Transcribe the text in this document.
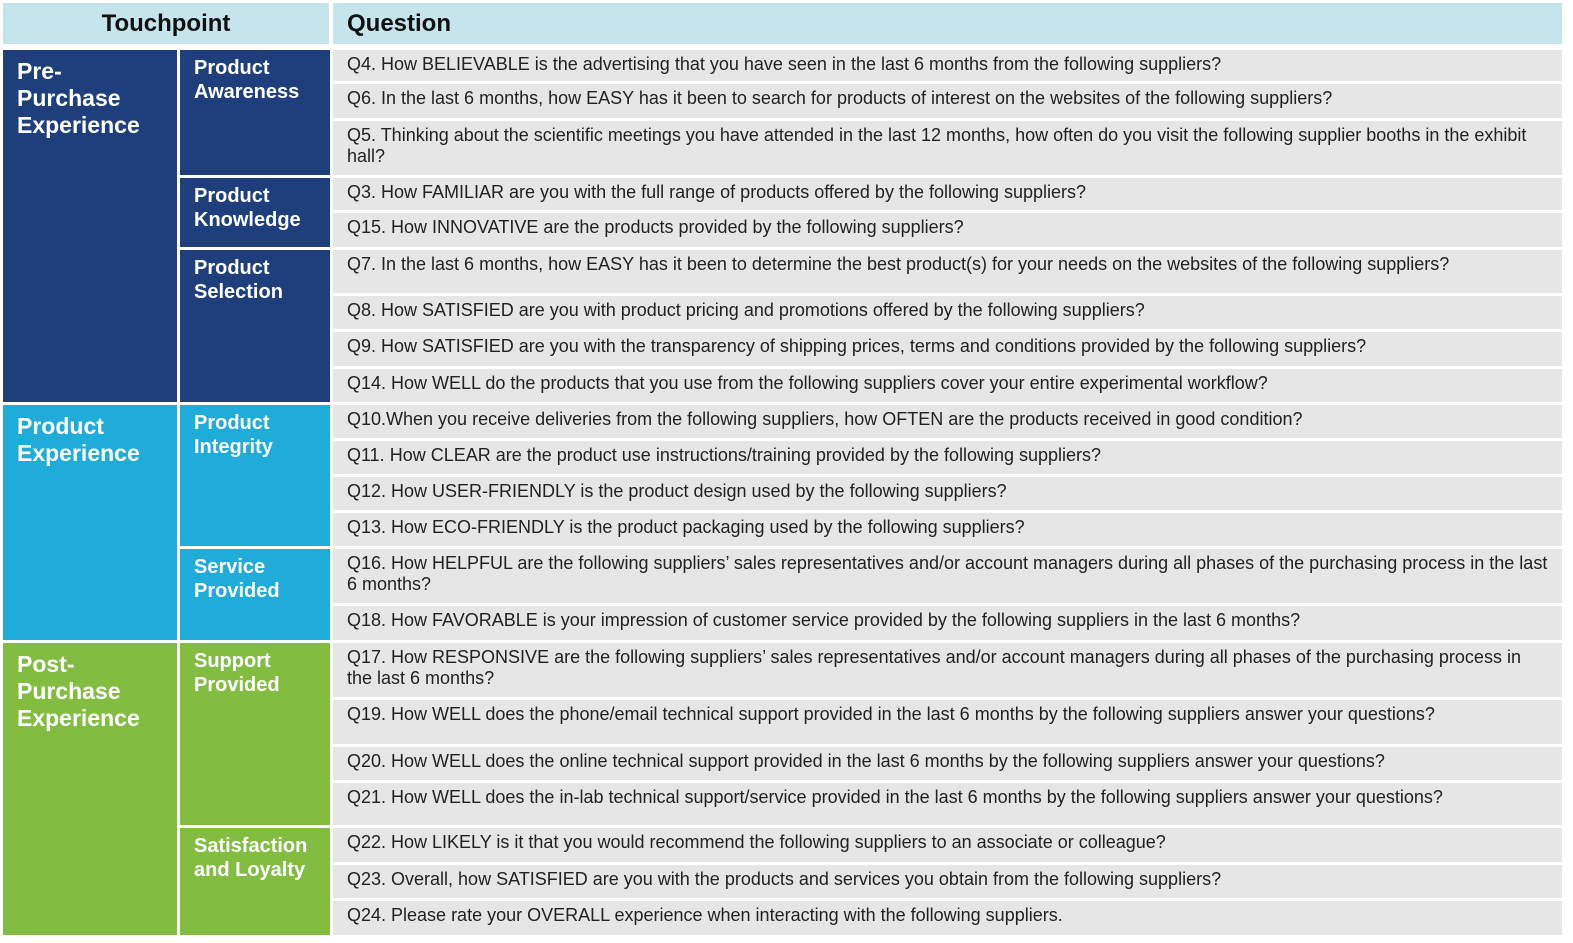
Touchpoint	Question
Pre-
Purchase
Experience
Product
Experience
Post-
Purchase
Experience
Product
Awareness
Product
Knowledge
Product
Selection
Product
Integrity
Service
Provided
Support
Provided
Satisfaction
and Loyalty
Q4. How BELIEVABLE is the advertising that you have seen in the last 6 months from the following suppliers?
Q6. In the last 6 months, how EASY has it been to search for products of interest on the websites of the following suppliers?
Q5. Thinking about the scientific meetings you have attended in the last 12 months, how often do you visit the following supplier booths in the exhibit hall?
Q3. How FAMILIAR are you with the full range of products offered by the following suppliers?
Q15. How INNOVATIVE are the products provided by the following suppliers?
Q7. In the last 6 months, how EASY has it been to determine the best product(s) for your needs on the websites of the following suppliers?
Q8. How SATISFIED are you with product pricing and promotions offered by the following suppliers?
Q9. How SATISFIED are you with the transparency of shipping prices, terms and conditions provided by the following suppliers?
Q14. How WELL do the products that you use from the following suppliers cover your entire experimental workflow?
Q10.When you receive deliveries from the following suppliers, how OFTEN are the products received in good condition?
Q11. How CLEAR are the product use instructions/training provided by the following suppliers?
Q12. How USER-FRIENDLY is the product design used by the following suppliers?
Q13. How ECO-FRIENDLY is the product packaging used by the following suppliers?
Q16. How HELPFUL are the following suppliers’ sales representatives and/or account managers during all phases of the purchasing process in the last 6 months?
Q18. How FAVORABLE is your impression of customer service provided by the following suppliers in the last 6 months?
Q17. How RESPONSIVE are the following suppliers’ sales representatives and/or account managers during all phases of the purchasing process in the last 6 months?
Q19. How WELL does the phone/email technical support provided in the last 6 months by the following suppliers answer your questions?
Q20. How WELL does the online technical support provided in the last 6 months by the following suppliers answer your questions?
Q21. How WELL does the in-lab technical support/service provided in the last 6 months by the following suppliers answer your questions?
Q22. How LIKELY is it that you would recommend the following suppliers to an associate or colleague?
Q23. Overall, how SATISFIED are you with the products and services you obtain from the following suppliers?
Q24. Please rate your OVERALL experience when interacting with the following suppliers.
